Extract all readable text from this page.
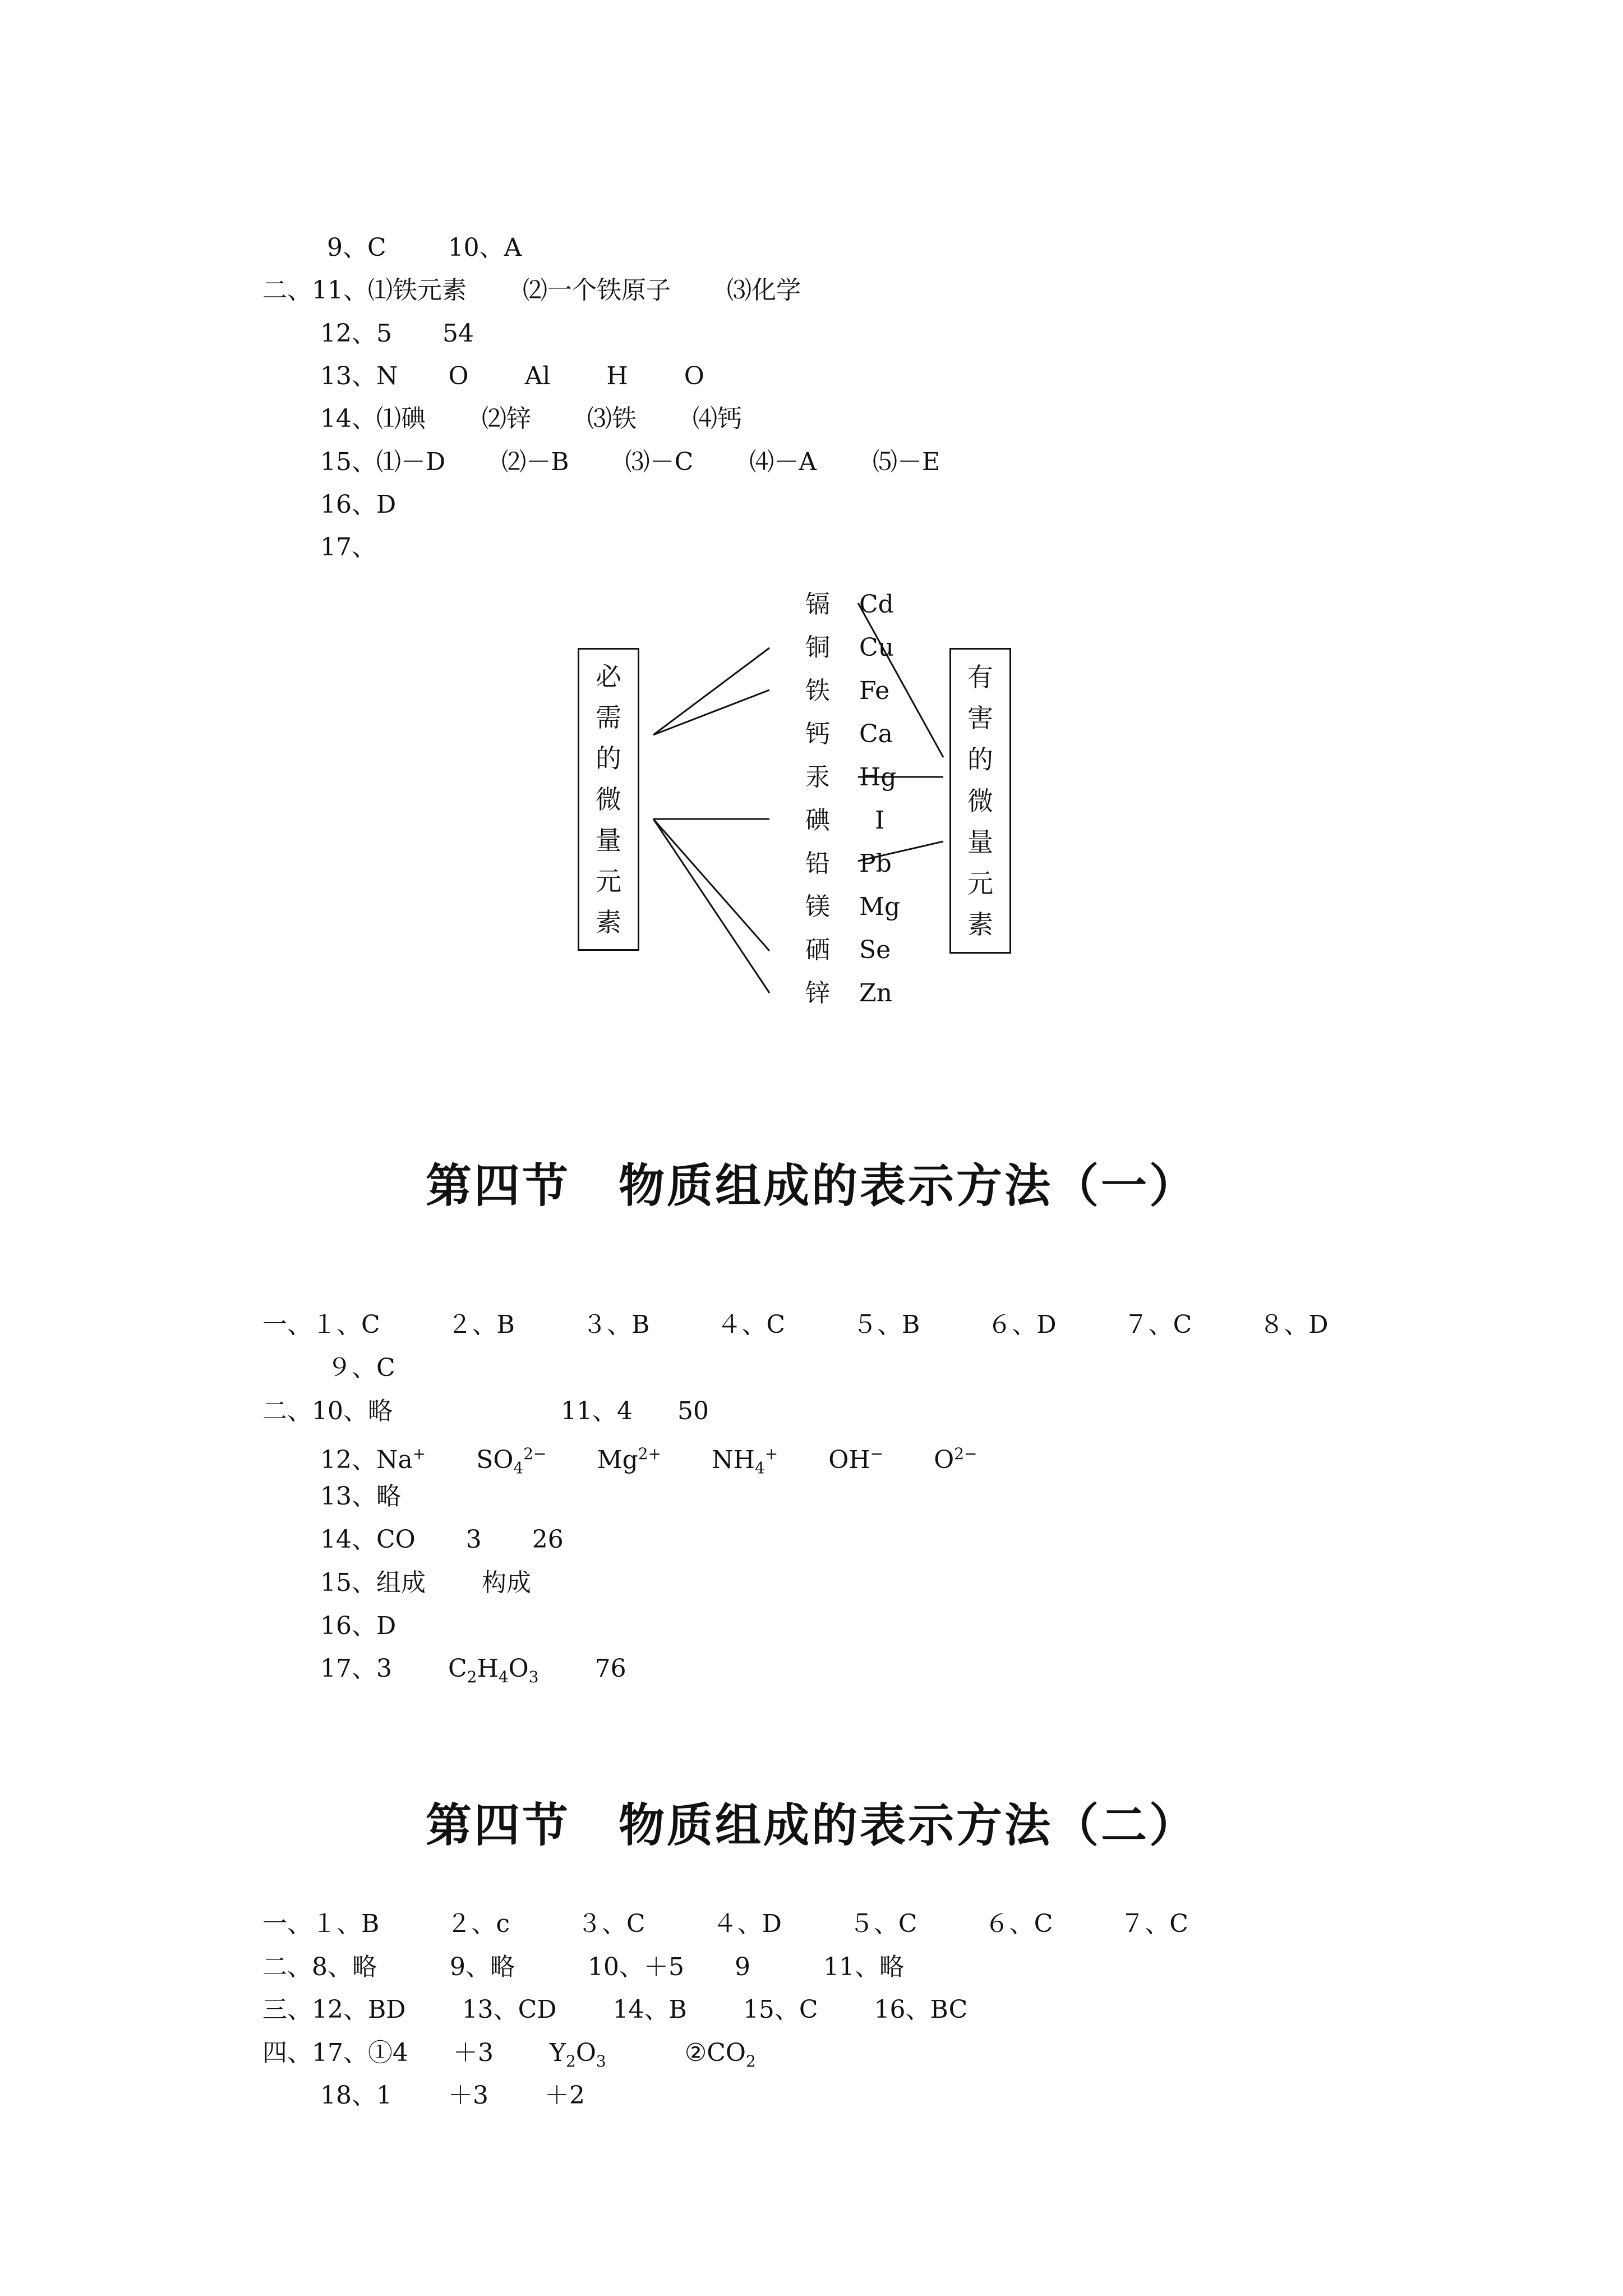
9、C	10、A

二、11、⑴铁元素 ⑵一个铁原子 ⑶化学

12、5 54

13、N O Al H O

14、⑴碘 ⑵锌 ⑶铁 ⑷钙

15、⑴－D ⑵－B ⑶－C ⑷－A ⑸－E

16、D

17、

必
需
的
微
量
元
素
有
害
的
微
量
元
素
镉 Cd
铜 Cu
铁 Fe
钙 Ca
汞 Hg
碘 I
铅 Pb
镁 Mg
硒 Se
锌 Zn
第四节　物质组成的表示方法（一）

一、１、C	２、B	３、B	４、C	５、B	６、D	７、C	８、D

９、C

二、10、略	11、4 50

12、Na+ $SO_4^{2-}$ $Mg^{2+}$ $NH_4^+$ OH− $O^{2-}$

13、略

14、CO 3 26

15、组成 构成

16、D

17、3 $C_2H_4O_3$ 76

第四节　物质组成的表示方法（二）

一、１、B	２、c	３、C	４、D	５、C	６、C	７、C

二、8、略	9、略	10、＋5 9	11、略

三、12、BD 13、CD 14、B 15、C 16、BC

四、17、①4 ＋3 $Y_2O_3$	$②CO_2$

18、1 ＋3 ＋2
